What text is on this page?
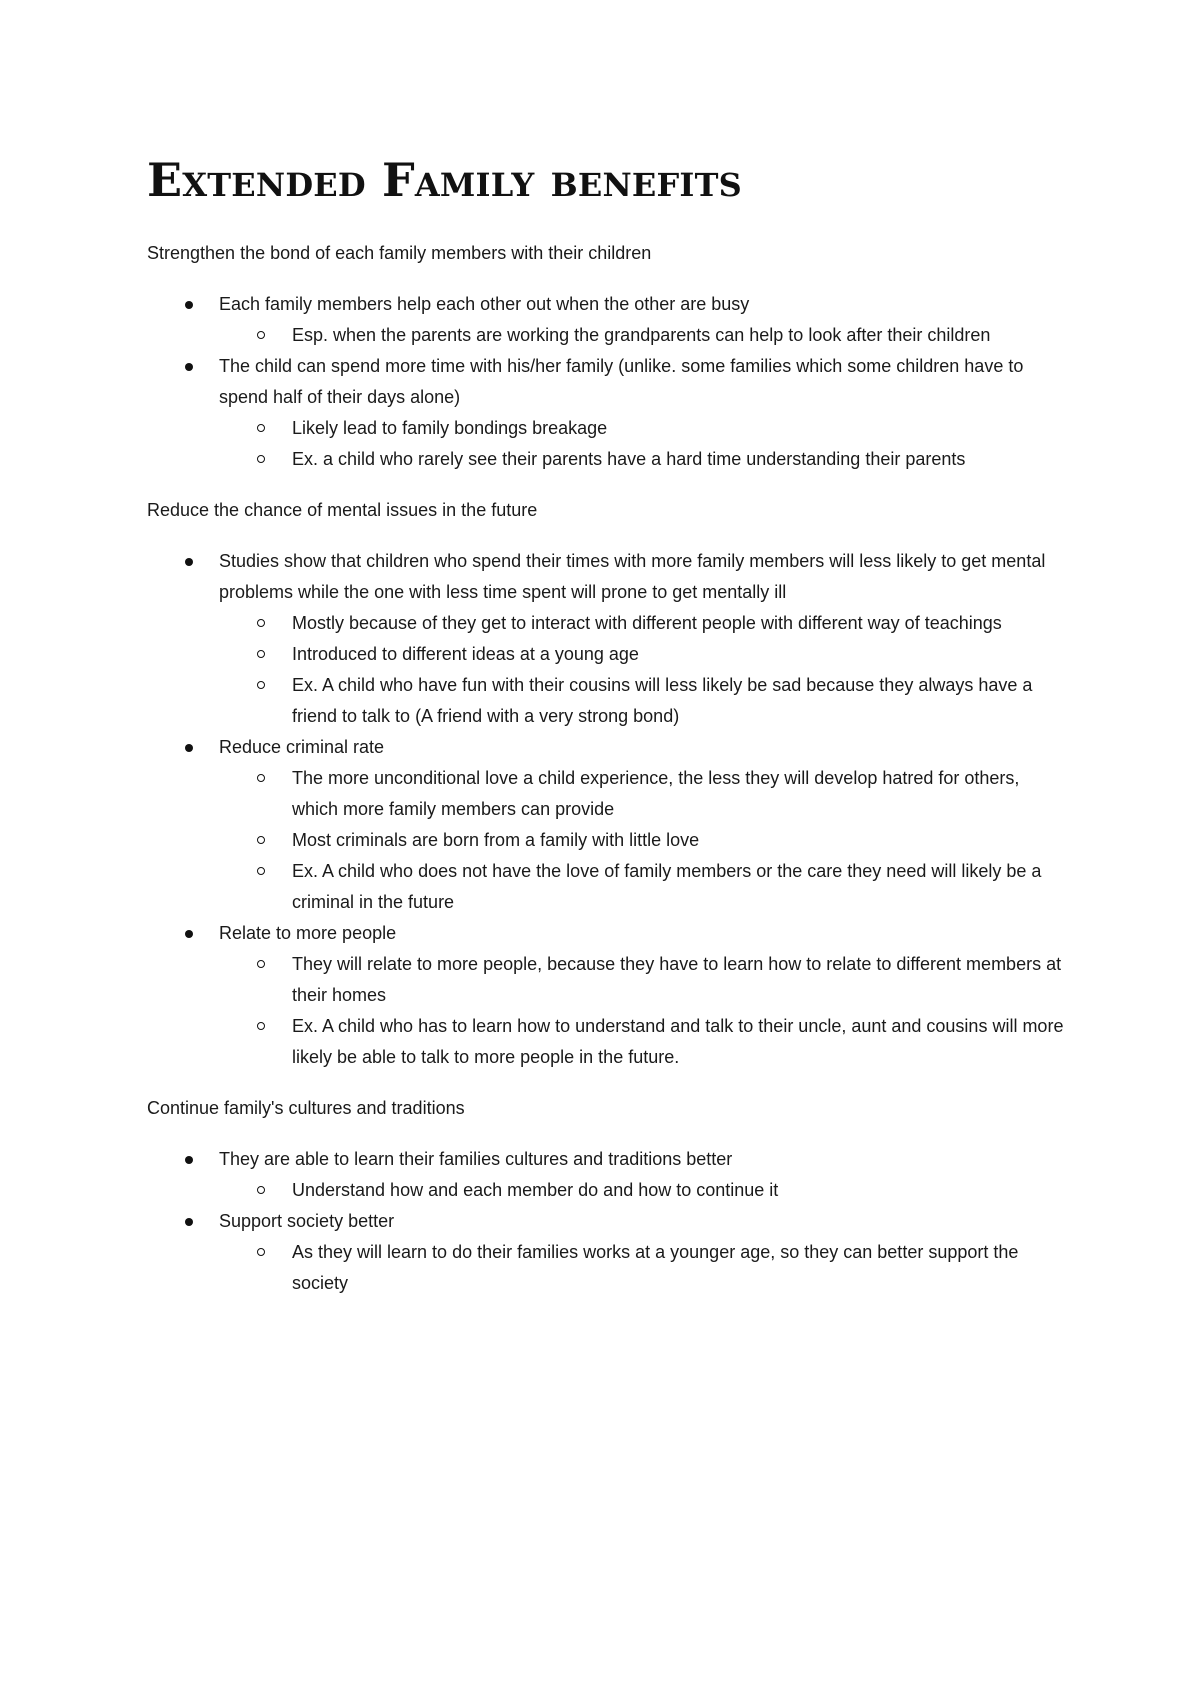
Extended Family benefits

Strengthen the bond of each family members with their children

Each family members help each other out when the other are busy
Esp. when the parents are working the grandparents can help to look after their children
The child can spend more time with his/her family (unlike. some families which some children have to spend half of their days alone)
Likely lead to family bondings breakage
Ex. a child who rarely see their parents have a hard time understanding their parents

Reduce the chance of mental issues in the future

Studies show that children who spend their times with more family members will less likely to get mental problems while the one with less time spent will prone to get mentally ill
Mostly because of they get to interact with different people with different way of teachings
Introduced to different ideas at a young age
Ex. A child who have fun with their cousins will less likely be sad because they always have a friend to talk to (A friend with a very strong bond)
Reduce criminal rate
The more unconditional love a child experience, the less they will develop hatred for others, which more family members can provide
Most criminals are born from a family with little love
Ex. A child who does not have the love of family members or the care they need will likely be a criminal in the future
Relate to more people
They will relate to more people, because they have to learn how to relate to different members at their homes
Ex. A child who has to learn how to understand and talk to their uncle, aunt and cousins will more likely be able to talk to more people in the future.

Continue family's cultures and traditions

They are able to learn their families cultures and traditions better
Understand how and each member do and how to continue it
Support society better
As they will learn to do their families works at a younger age, so they can better support the society
